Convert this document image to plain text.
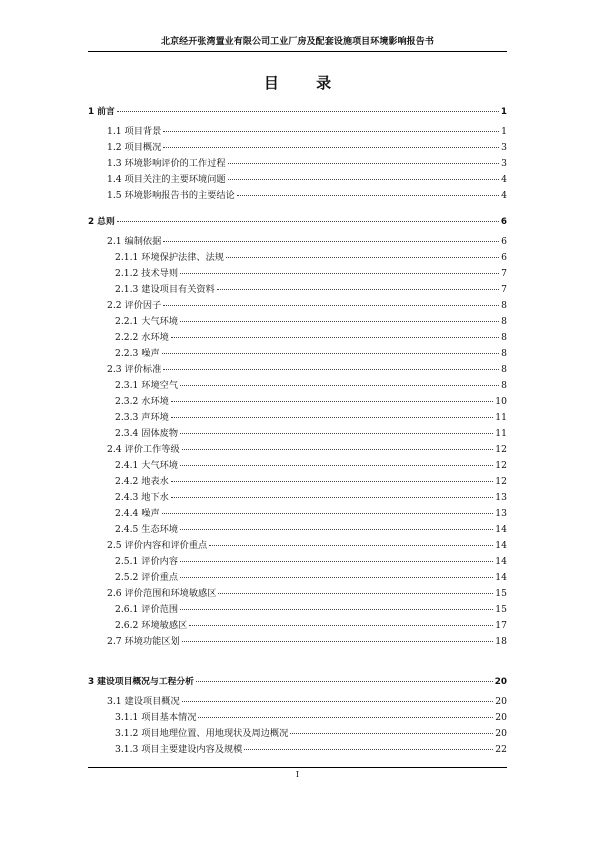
北京经开张湾置业有限公司工业厂房及配套设施项目环境影响报告书
目 录
1 前言	1
1.1 项目背景	1
1.2 项目概况	3
1.3 环境影响评价的工作过程	3
1.4 项目关注的主要环境问题	4
1.5 环境影响报告书的主要结论	4
2 总则	6
2.1 编制依据	6
2.1.1 环境保护法律、法规	6
2.1.2 技术导则	7
2.1.3 建设项目有关资料	7
2.2 评价因子	8
2.2.1 大气环境	8
2.2.2 水环境	8
2.2.3 噪声	8
2.3 评价标准	8
2.3.1 环境空气	8
2.3.2 水环境	10
2.3.3 声环境	11
2.3.4 固体废物	11
2.4 评价工作等级	12
2.4.1 大气环境	12
2.4.2 地表水	12
2.4.3 地下水	13
2.4.4 噪声	13
2.4.5 生态环境	14
2.5 评价内容和评价重点	14
2.5.1 评价内容	14
2.5.2 评价重点	14
2.6 评价范围和环境敏感区	15
2.6.1 评价范围	15
2.6.2 环境敏感区	17
2.7 环境功能区划	18
3 建设项目概况与工程分析	20
3.1 建设项目概况	20
3.1.1 项目基本情况	20
3.1.2 项目地理位置、用地现状及周边概况	20
3.1.3 项目主要建设内容及规模	22
I
